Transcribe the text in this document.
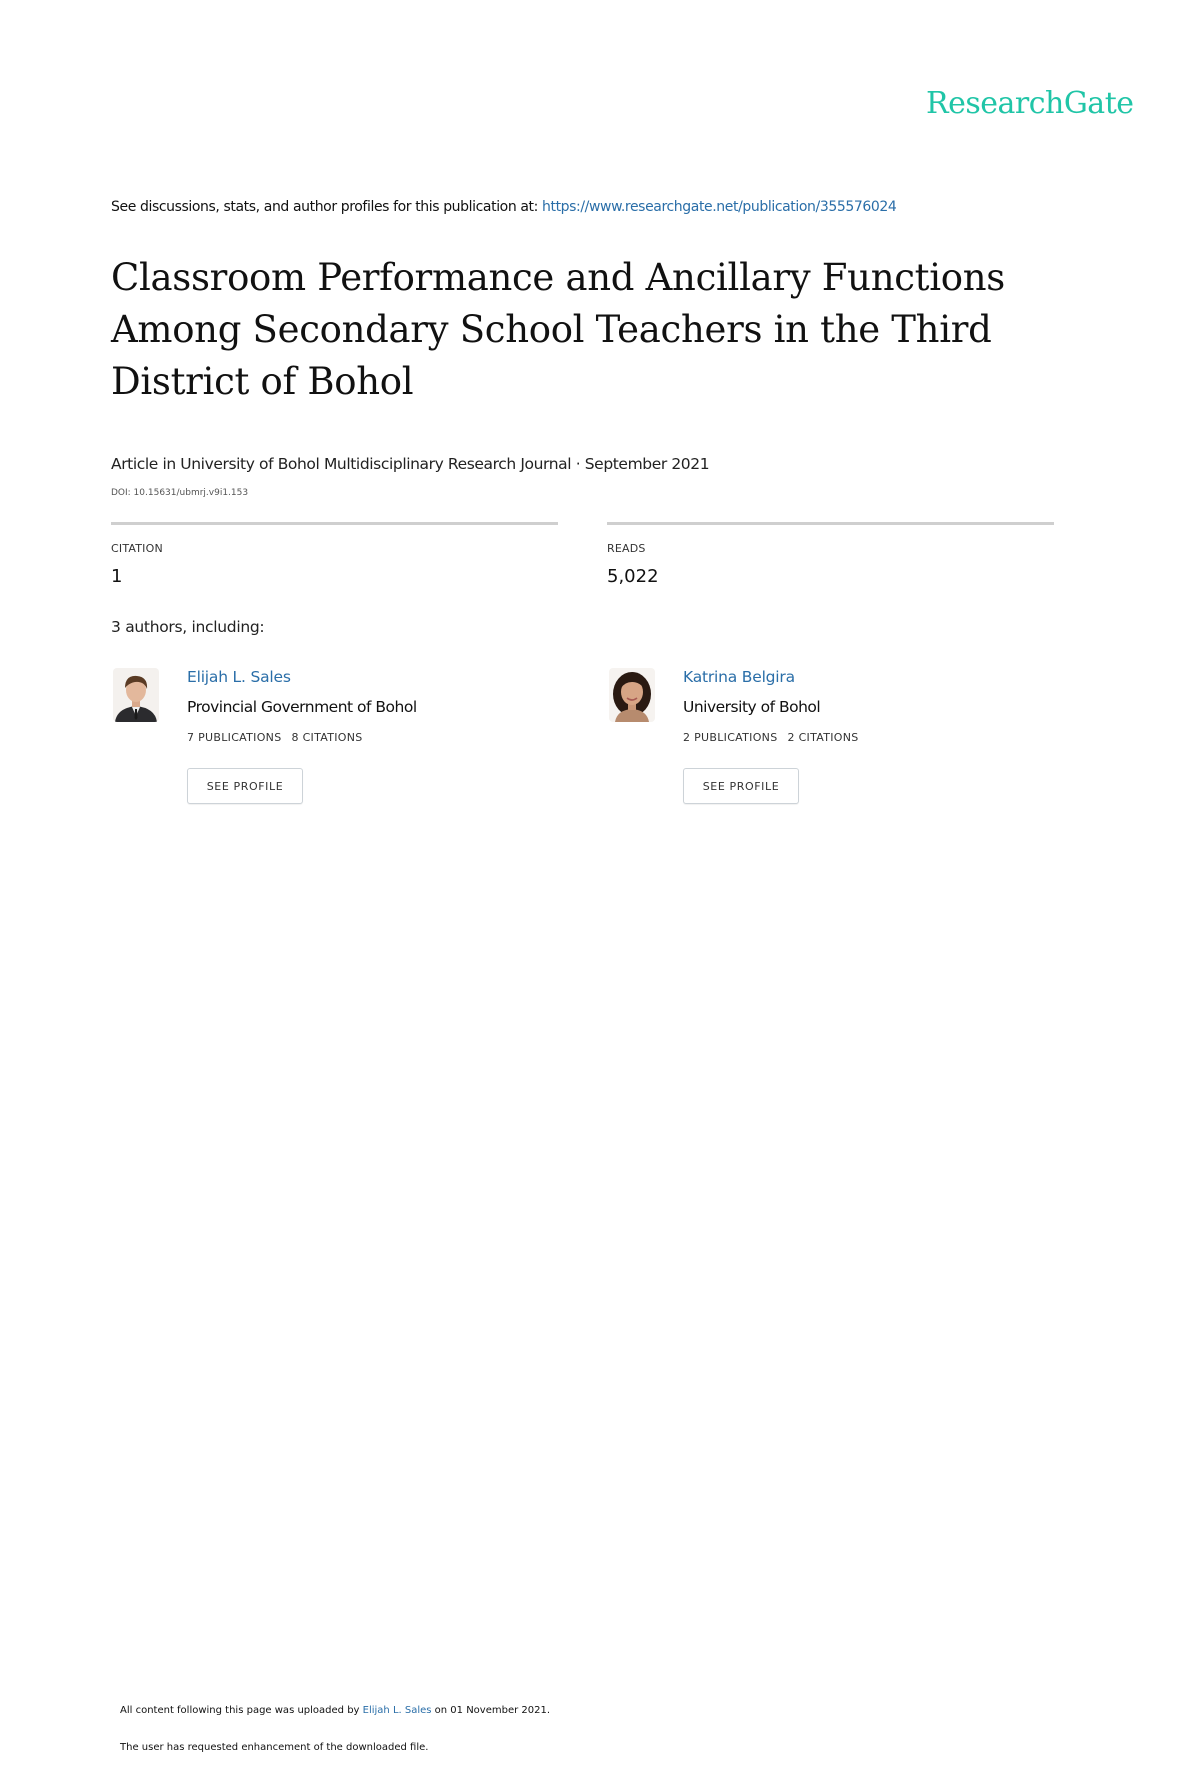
ResearchGate
See discussions, stats, and author profiles for this publication at: https://www.researchgate.net/publication/355576024
Classroom Performance and Ancillary Functions Among Secondary School Teachers in the Third District of Bohol
Article in University of Bohol Multidisciplinary Research Journal · September 2021
DOI: 10.15631/ubmrj.v9i1.153
CITATION
1
READS
5,022
3 authors, including:
Elijah L. Sales
Provincial Government of Bohol
7 PUBLICATIONS 8 CITATIONS
SEE PROFILE
Katrina Belgira
University of Bohol
2 PUBLICATIONS 2 CITATIONS
SEE PROFILE
All content following this page was uploaded by Elijah L. Sales on 01 November 2021.
The user has requested enhancement of the downloaded file.
